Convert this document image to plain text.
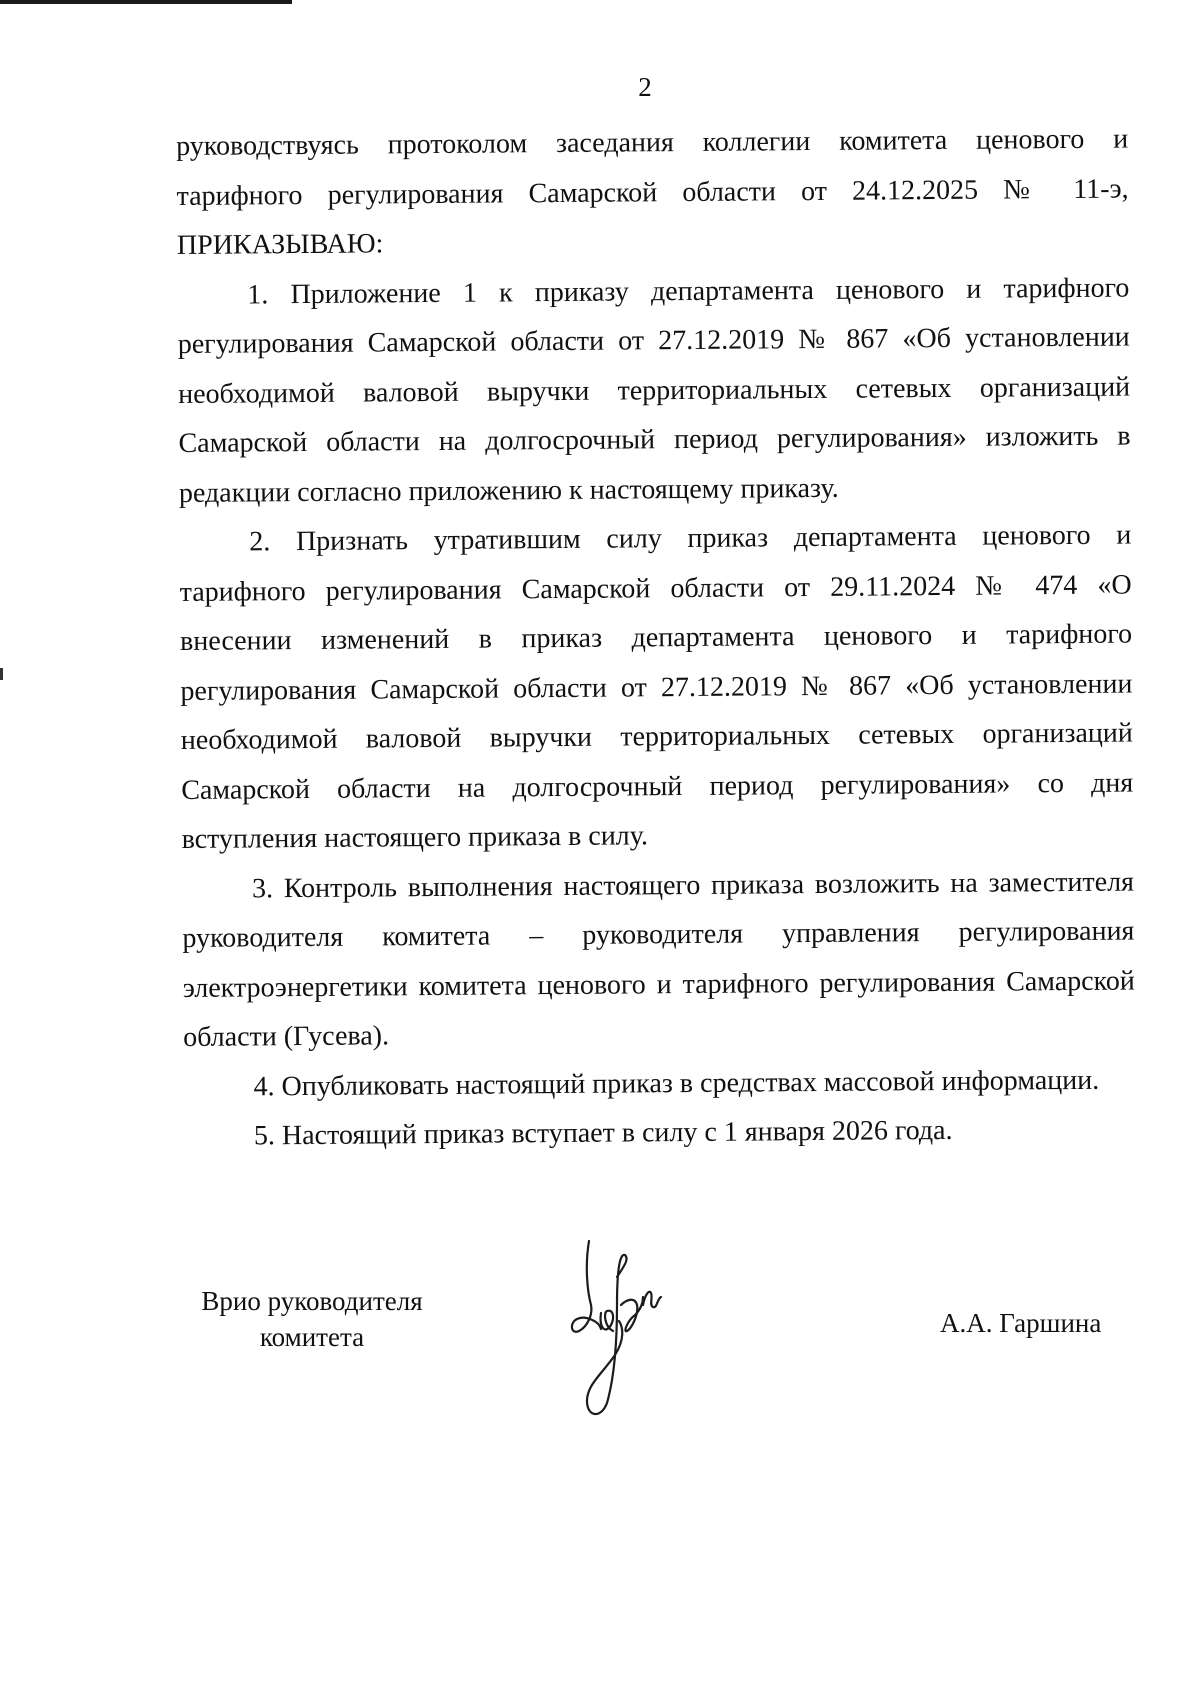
2

руководствуясь протоколом заседания коллегии комитета ценового и тарифного регулирования Самарской области от 24.12.2025 № 11-э, ПРИКАЗЫВАЮ:

1. Приложение 1 к приказу департамента ценового и тарифного регулирования Самарской области от 27.12.2019 № 867 «Об установлении необходимой валовой выручки территориальных сетевых организаций Самарской области на долгосрочный период регулирования» изложить в редакции согласно приложению к настоящему приказу.

2. Признать утратившим силу приказ департамента ценового и тарифного регулирования Самарской области от 29.11.2024 № 474 «О внесении изменений в приказ департамента ценового и тарифного регулирования Самарской области от 27.12.2019 № 867 «Об установлении необходимой валовой выручки территориальных сетевых организаций Самарской области на долгосрочный период регулирования» со дня вступления настоящего приказа в силу.

3. Контроль выполнения настоящего приказа возложить на заместителя руководителя комитета – руководителя управления регулирования электроэнергетики комитета ценового и тарифного регулирования Самарской области (Гусева).

4. Опубликовать настоящий приказ в средствах массовой информации.

5. Настоящий приказ вступает в силу с 1 января 2026 года.

Врио руководителя
комитета	А.А. Гаршина
